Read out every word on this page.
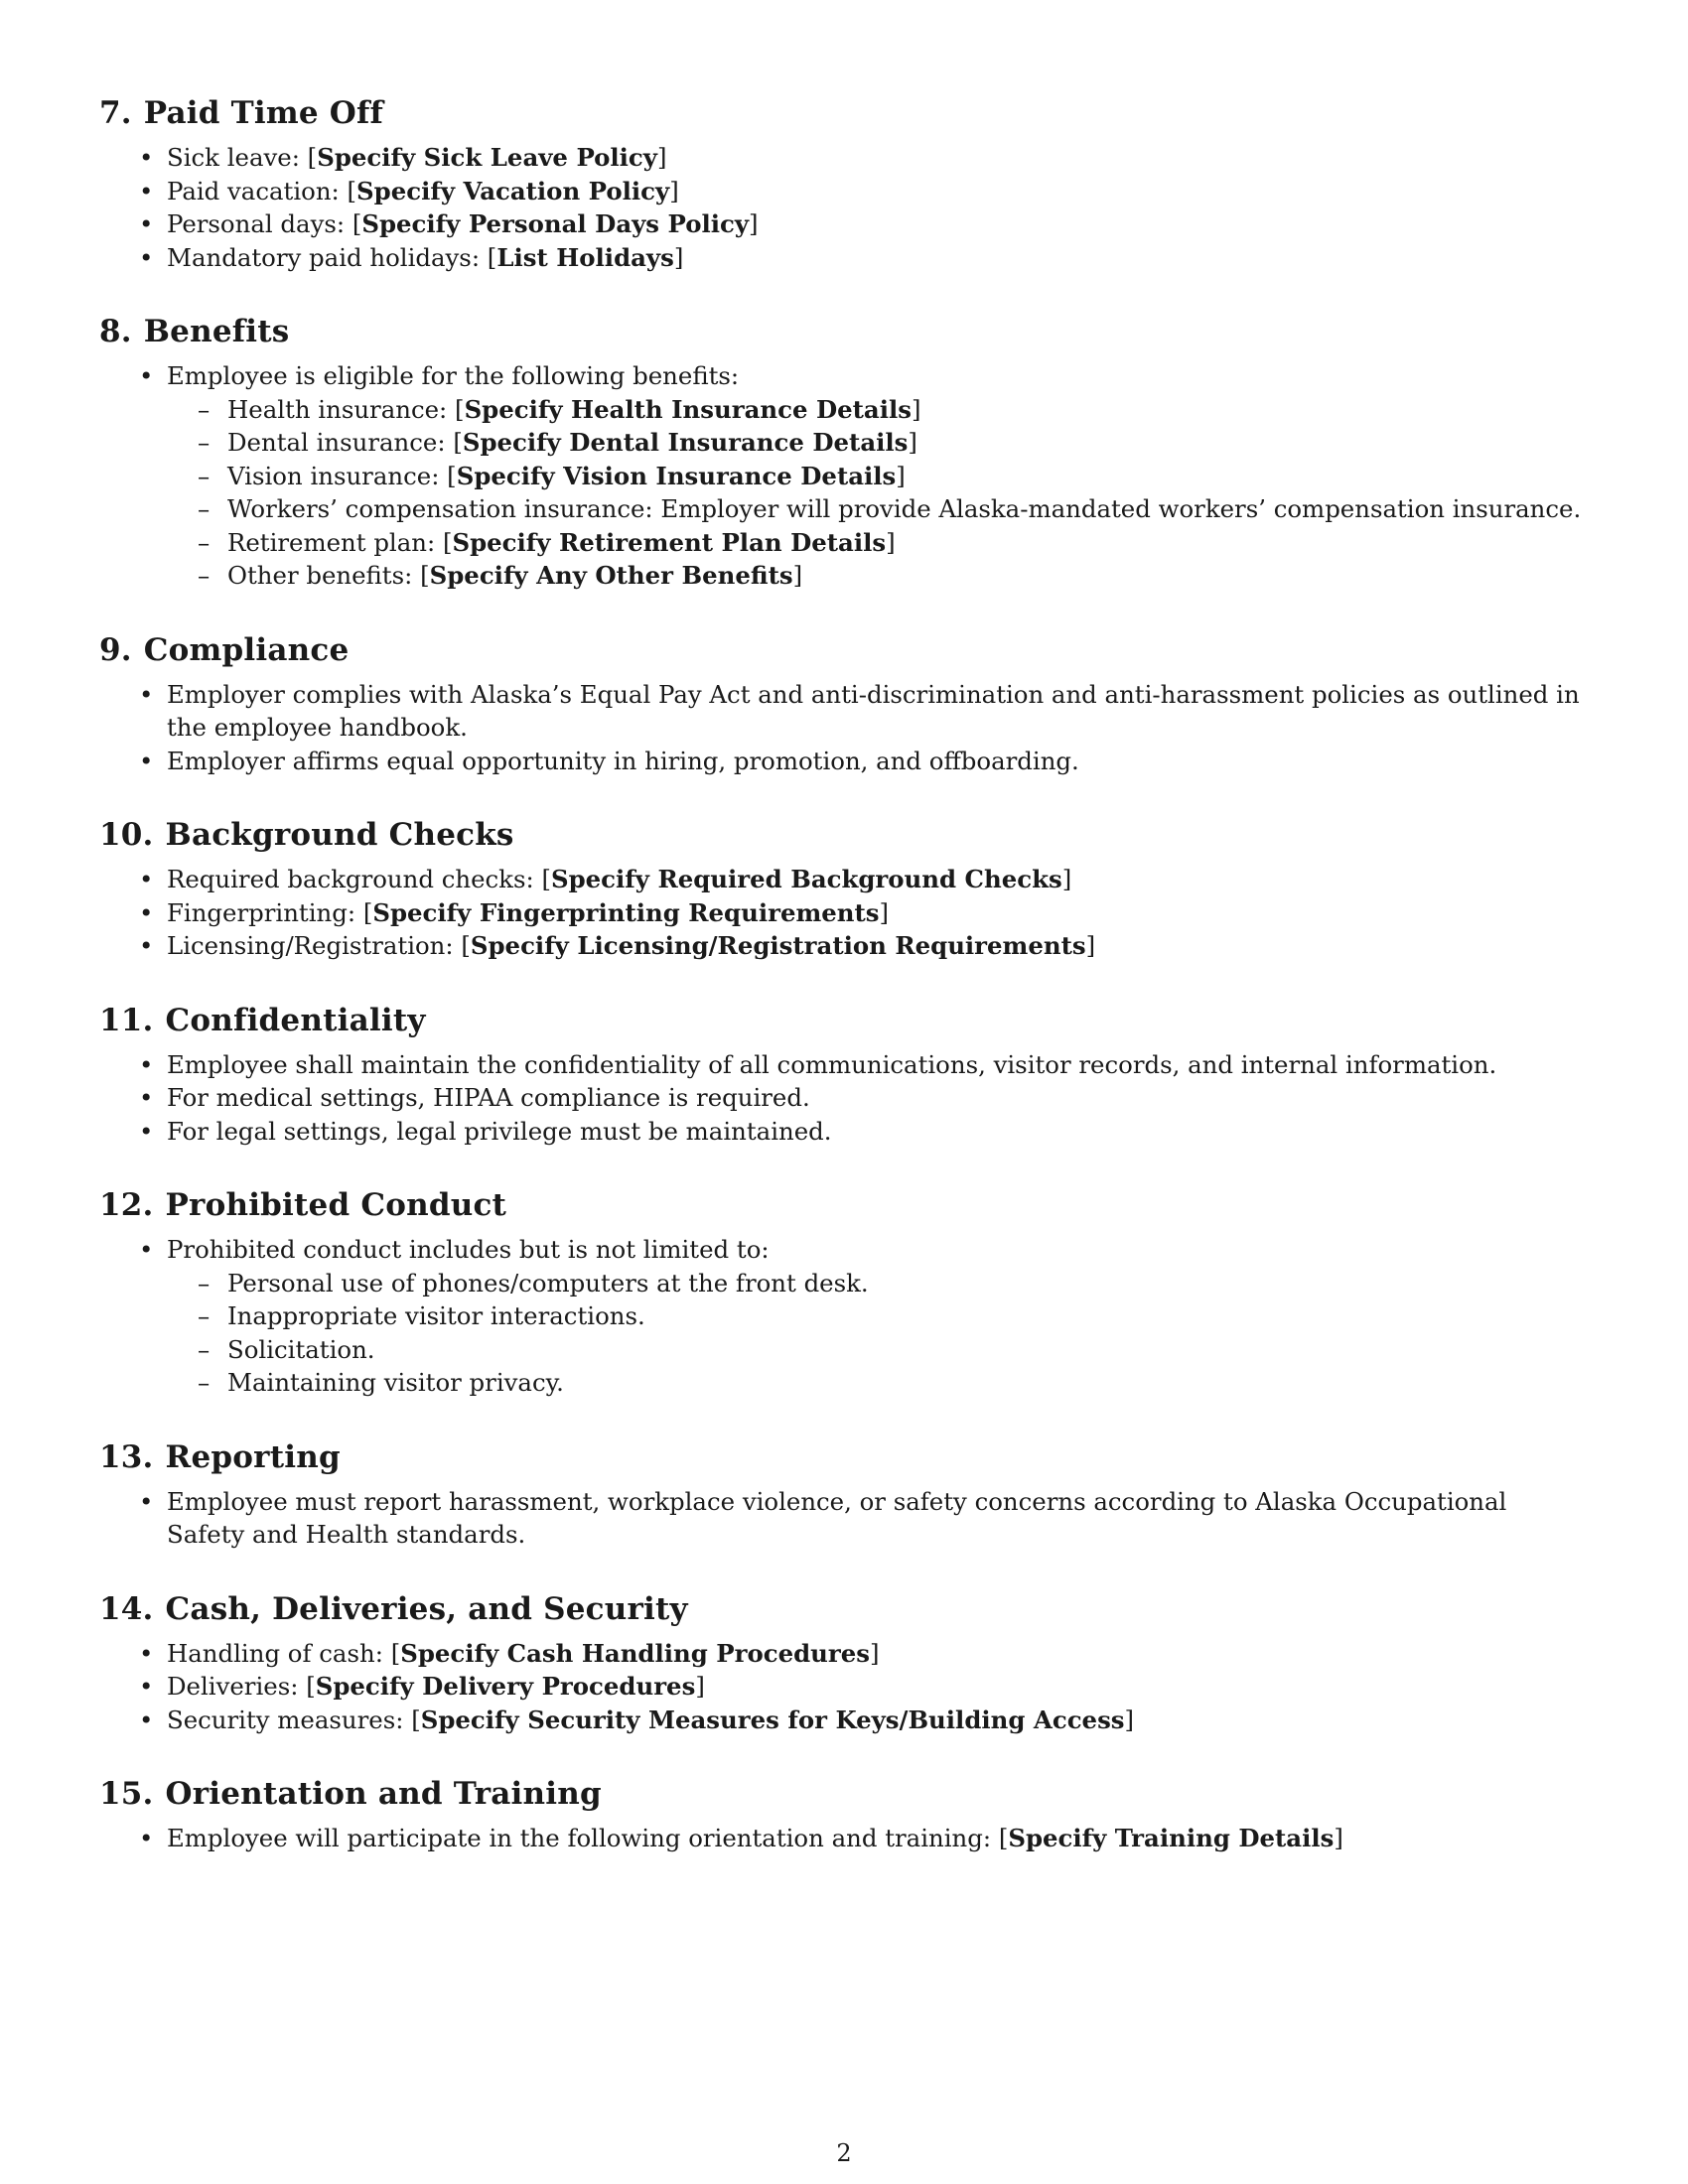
7. Paid Time Off
• Sick leave: [Specify Sick Leave Policy]
• Paid vacation: [Specify Vacation Policy]
• Personal days: [Specify Personal Days Policy]
• Mandatory paid holidays: [List Holidays]
8. Benefits
• Employee is eligible for the following benefits:
– Health insurance: [Specify Health Insurance Details]
– Dental insurance: [Specify Dental Insurance Details]
– Vision insurance: [Specify Vision Insurance Details]
– Workers’ compensation insurance: Employer will provide Alaska-mandated workers’ compensation insurance.
– Retirement plan: [Specify Retirement Plan Details]
– Other benefits: [Specify Any Other Benefits]
9. Compliance
• Employer complies with Alaska’s Equal Pay Act and anti-discrimination and anti-harassment policies as outlined in the employee handbook.
• Employer affirms equal opportunity in hiring, promotion, and offboarding.
10. Background Checks
• Required background checks: [Specify Required Background Checks]
• Fingerprinting: [Specify Fingerprinting Requirements]
• Licensing/Registration: [Specify Licensing/Registration Requirements]
11. Confidentiality
• Employee shall maintain the confidentiality of all communications, visitor records, and internal information.
• For medical settings, HIPAA compliance is required.
• For legal settings, legal privilege must be maintained.
12. Prohibited Conduct
• Prohibited conduct includes but is not limited to:
– Personal use of phones/computers at the front desk.
– Inappropriate visitor interactions.
– Solicitation.
– Maintaining visitor privacy.
13. Reporting
• Employee must report harassment, workplace violence, or safety concerns according to Alaska Occupational Safety and Health standards.
14. Cash, Deliveries, and Security
• Handling of cash: [Specify Cash Handling Procedures]
• Deliveries: [Specify Delivery Procedures]
• Security measures: [Specify Security Measures for Keys/Building Access]
15. Orientation and Training
• Employee will participate in the following orientation and training: [Specify Training Details]
2
